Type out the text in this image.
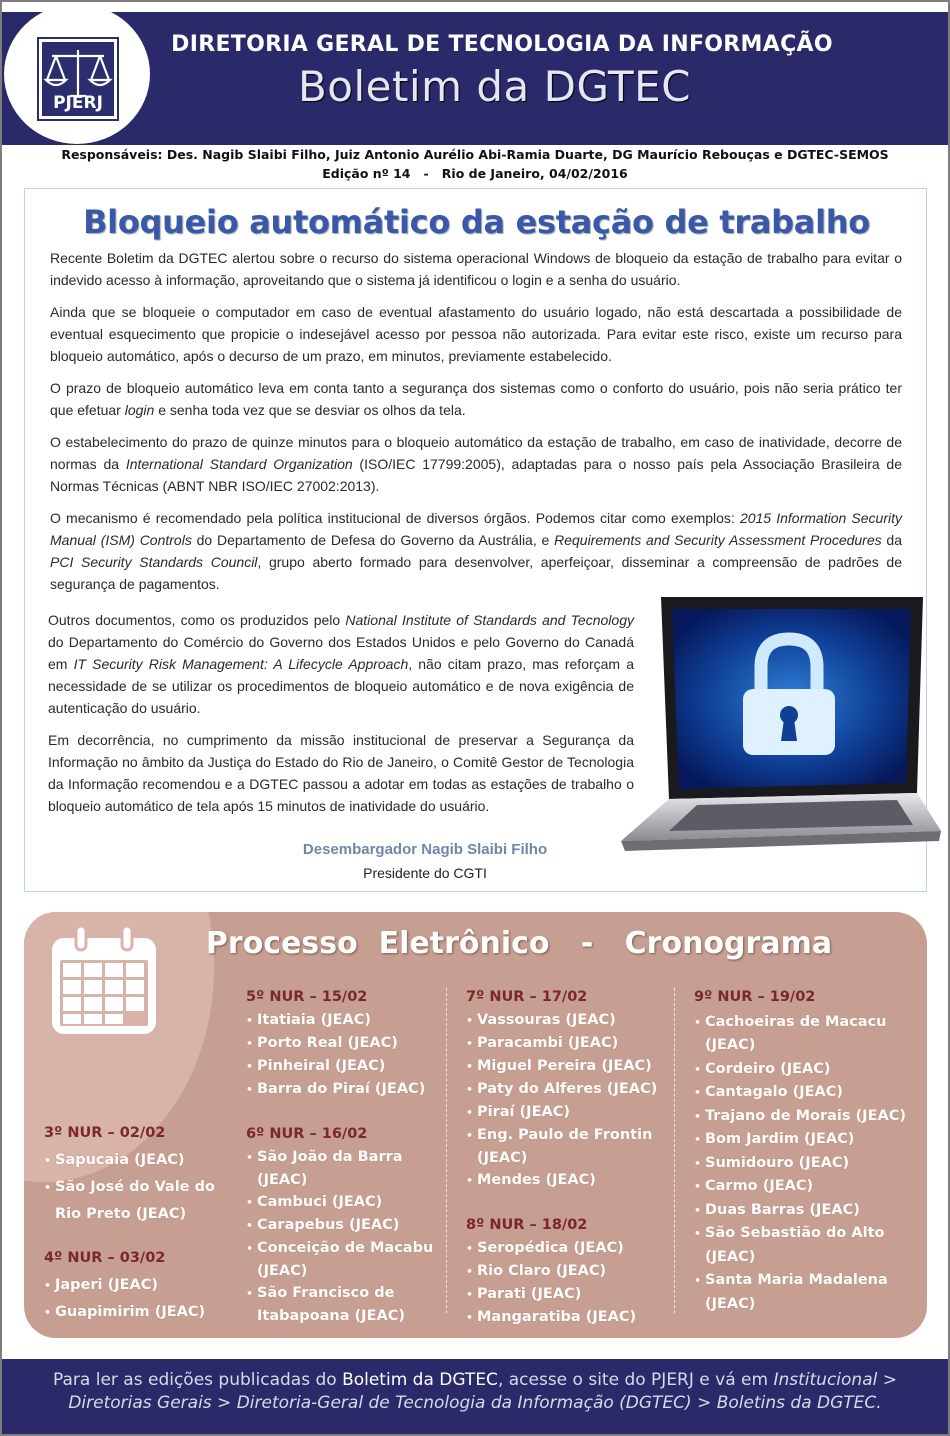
DIRETORIA GERAL DE TECNOLOGIA DA INFORMAÇÃO
Boletim da DGTEC
PJERJ
Responsáveis: Des. Nagib Slaibi Filho, Juiz Antonio Aurélio Abi-Ramia Duarte, DG Maurício Rebouças e DGTEC-SEMOS
Edição nº 14   -   Rio de Janeiro, 04/02/2016
Bloqueio automático da estação de trabalho

Recente Boletim da DGTEC alertou sobre o recurso do sistema operacional Windows de bloqueio da estação de trabalho para evitar o indevido acesso à informação, aproveitando que o sistema já identificou o login e a senha do usuário.

Ainda que se bloqueie o computador em caso de eventual afastamento do usuário logado, não está descartada a possibilidade de eventual esquecimento que propicie o indesejável acesso por pessoa não autorizada. Para evitar este risco, existe um recurso para bloqueio automático, após o decurso de um prazo, em minutos, previamente estabelecido.

O prazo de bloqueio automático leva em conta tanto a segurança dos sistemas como o conforto do usuário, pois não seria prático ter que efetuar login e senha toda vez que se desviar os olhos da tela.

O estabelecimento do prazo de quinze minutos para o bloqueio automático da estação de trabalho, em caso de inatividade, decorre de normas da International Standard Organization (ISO/IEC 17799:2005), adaptadas para o nosso país pela Associação Brasileira de Normas Técnicas (ABNT NBR ISO/IEC 27002:2013).

O mecanismo é recomendado pela política institucional de diversos órgãos. Podemos citar como exemplos: 2015 Information Security Manual (ISM) Controls do Departamento de Defesa do Governo da Austrália, e Requirements and Security Assessment Procedures da PCI Security Standards Council, grupo aberto formado para desenvolver, aperfeiçoar, disseminar a compreensão de padrões de segurança de pagamentos.

Outros documentos, como os produzidos pelo National Institute of Standards and Tecnology do Departamento do Comércio do Governo dos Estados Unidos e pelo Governo do Canadá em IT Security Risk Management: A Lifecycle Approach, não citam prazo, mas reforçam a necessidade de se utilizar os procedimentos de bloqueio automático e de nova exigência de autenticação do usuário.

Em decorrência, no cumprimento da missão institucional de preservar a Segurança da Informação no âmbito da Justiça do Estado do Rio de Janeiro, o Comitê Gestor de Tecnologia da Informação recomendou e a DGTEC passou a adotar em todas as estações de trabalho o bloqueio automático de tela após 15 minutos de inatividade do usuário.

Desembargador Nagib Slaibi Filho
Presidente do CGTI
Processo  Eletrônico   -   Cronograma
3º NUR – 02/02
• Sapucaia (JEAC)
• São José do Vale do Rio Preto (JEAC)
4º NUR – 03/02
• Japeri (JEAC)
• Guapimirim (JEAC)
5º NUR – 15/02
• Itatiaia (JEAC)
• Porto Real (JEAC)
• Pinheiral (JEAC)
• Barra do Piraí (JEAC)
6º NUR – 16/02
• São João da Barra (JEAC)
• Cambuci (JEAC)
• Carapebus (JEAC)
• Conceição de Macabu (JEAC)
• São Francisco de Itabapoana (JEAC)
7º NUR – 17/02
• Vassouras (JEAC)
• Paracambi (JEAC)
• Miguel Pereira (JEAC)
• Paty do Alferes (JEAC)
• Piraí (JEAC)
• Eng. Paulo de Frontin (JEAC)
• Mendes (JEAC)
8º NUR – 18/02
• Seropédica (JEAC)
• Rio Claro (JEAC)
• Parati (JEAC)
• Mangaratiba (JEAC)
9º NUR – 19/02
• Cachoeiras de Macacu (JEAC)
• Cordeiro (JEAC)
• Cantagalo (JEAC)
• Trajano de Morais (JEAC)
• Bom Jardim (JEAC)
• Sumidouro (JEAC)
• Carmo (JEAC)
• Duas Barras (JEAC)
• São Sebastião do Alto (JEAC)
• Santa Maria Madalena (JEAC)
Para ler as edições publicadas do Boletim da DGTEC, acesse o site do PJERJ e vá em Institucional > Diretorias Gerais > Diretoria-Geral de Tecnologia da Informação (DGTEC) > Boletins da DGTEC.
